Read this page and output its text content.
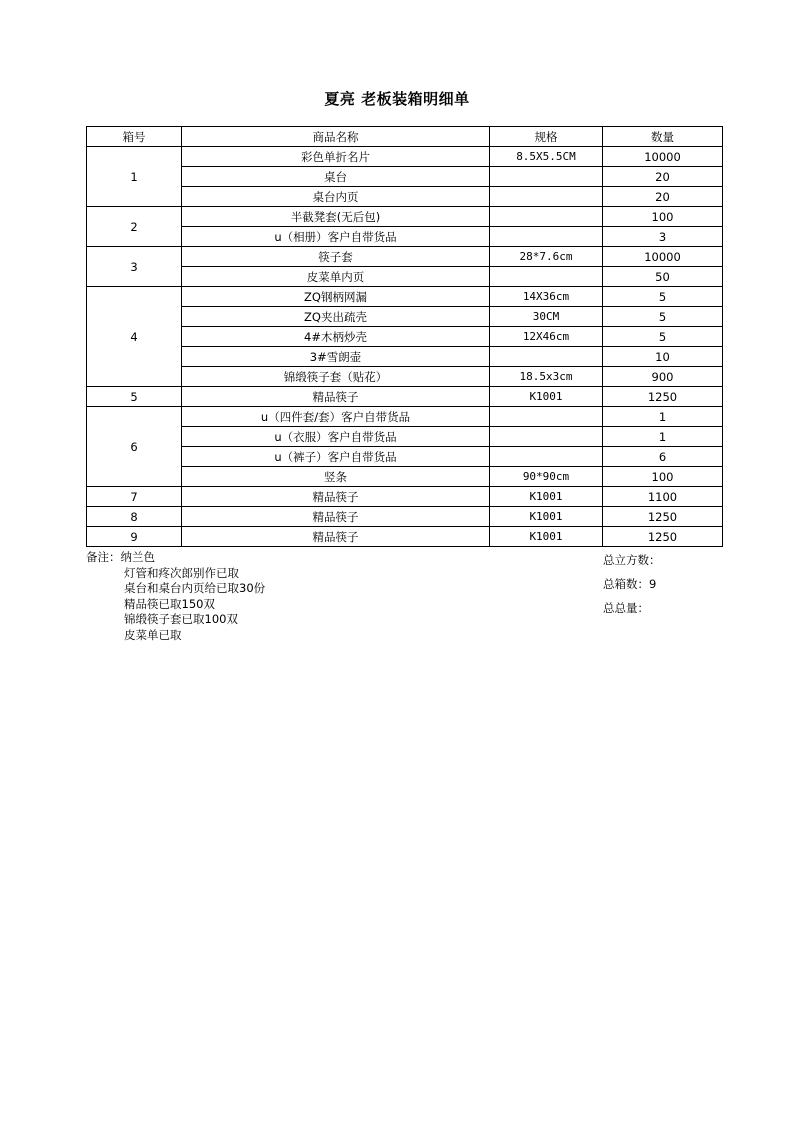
夏亮 老板装箱明细单
箱号	商品名称	规格	数量
1	彩色单折名片	8.5X5.5CM	10000
	桌台		20
	桌台内页		20
2	半截凳套(无后包)		100
	u（相册）客户自带货品		3
3	筷子套	28*7.6cm	10000
	皮菜单内页		50
4	ZQ钢柄网漏	14X36cm	5
	ZQ夹出疏壳	30CM	5
	4#木柄炒壳	12X46cm	5
	3#雪朗壶		10
	锦缎筷子套（贴花）	18.5x3cm	900
5	精品筷子	K1001	1250
6	u（四件套/套）客户自带货品		1
	u（衣服）客户自带货品		1
	u（裤子）客户自带货品		6
	竖条	90*90cm	100
7	精品筷子	K1001	1100
8	精品筷子	K1001	1250
9	精品筷子	K1001	1250
备注：纳兰色
灯管和疼次郎别作已取
桌台和桌台内页给已取30份
精品筷已取150双
锦缎筷子套已取100双
皮菜单已取
总立方数：
总箱数：9
总总量：
